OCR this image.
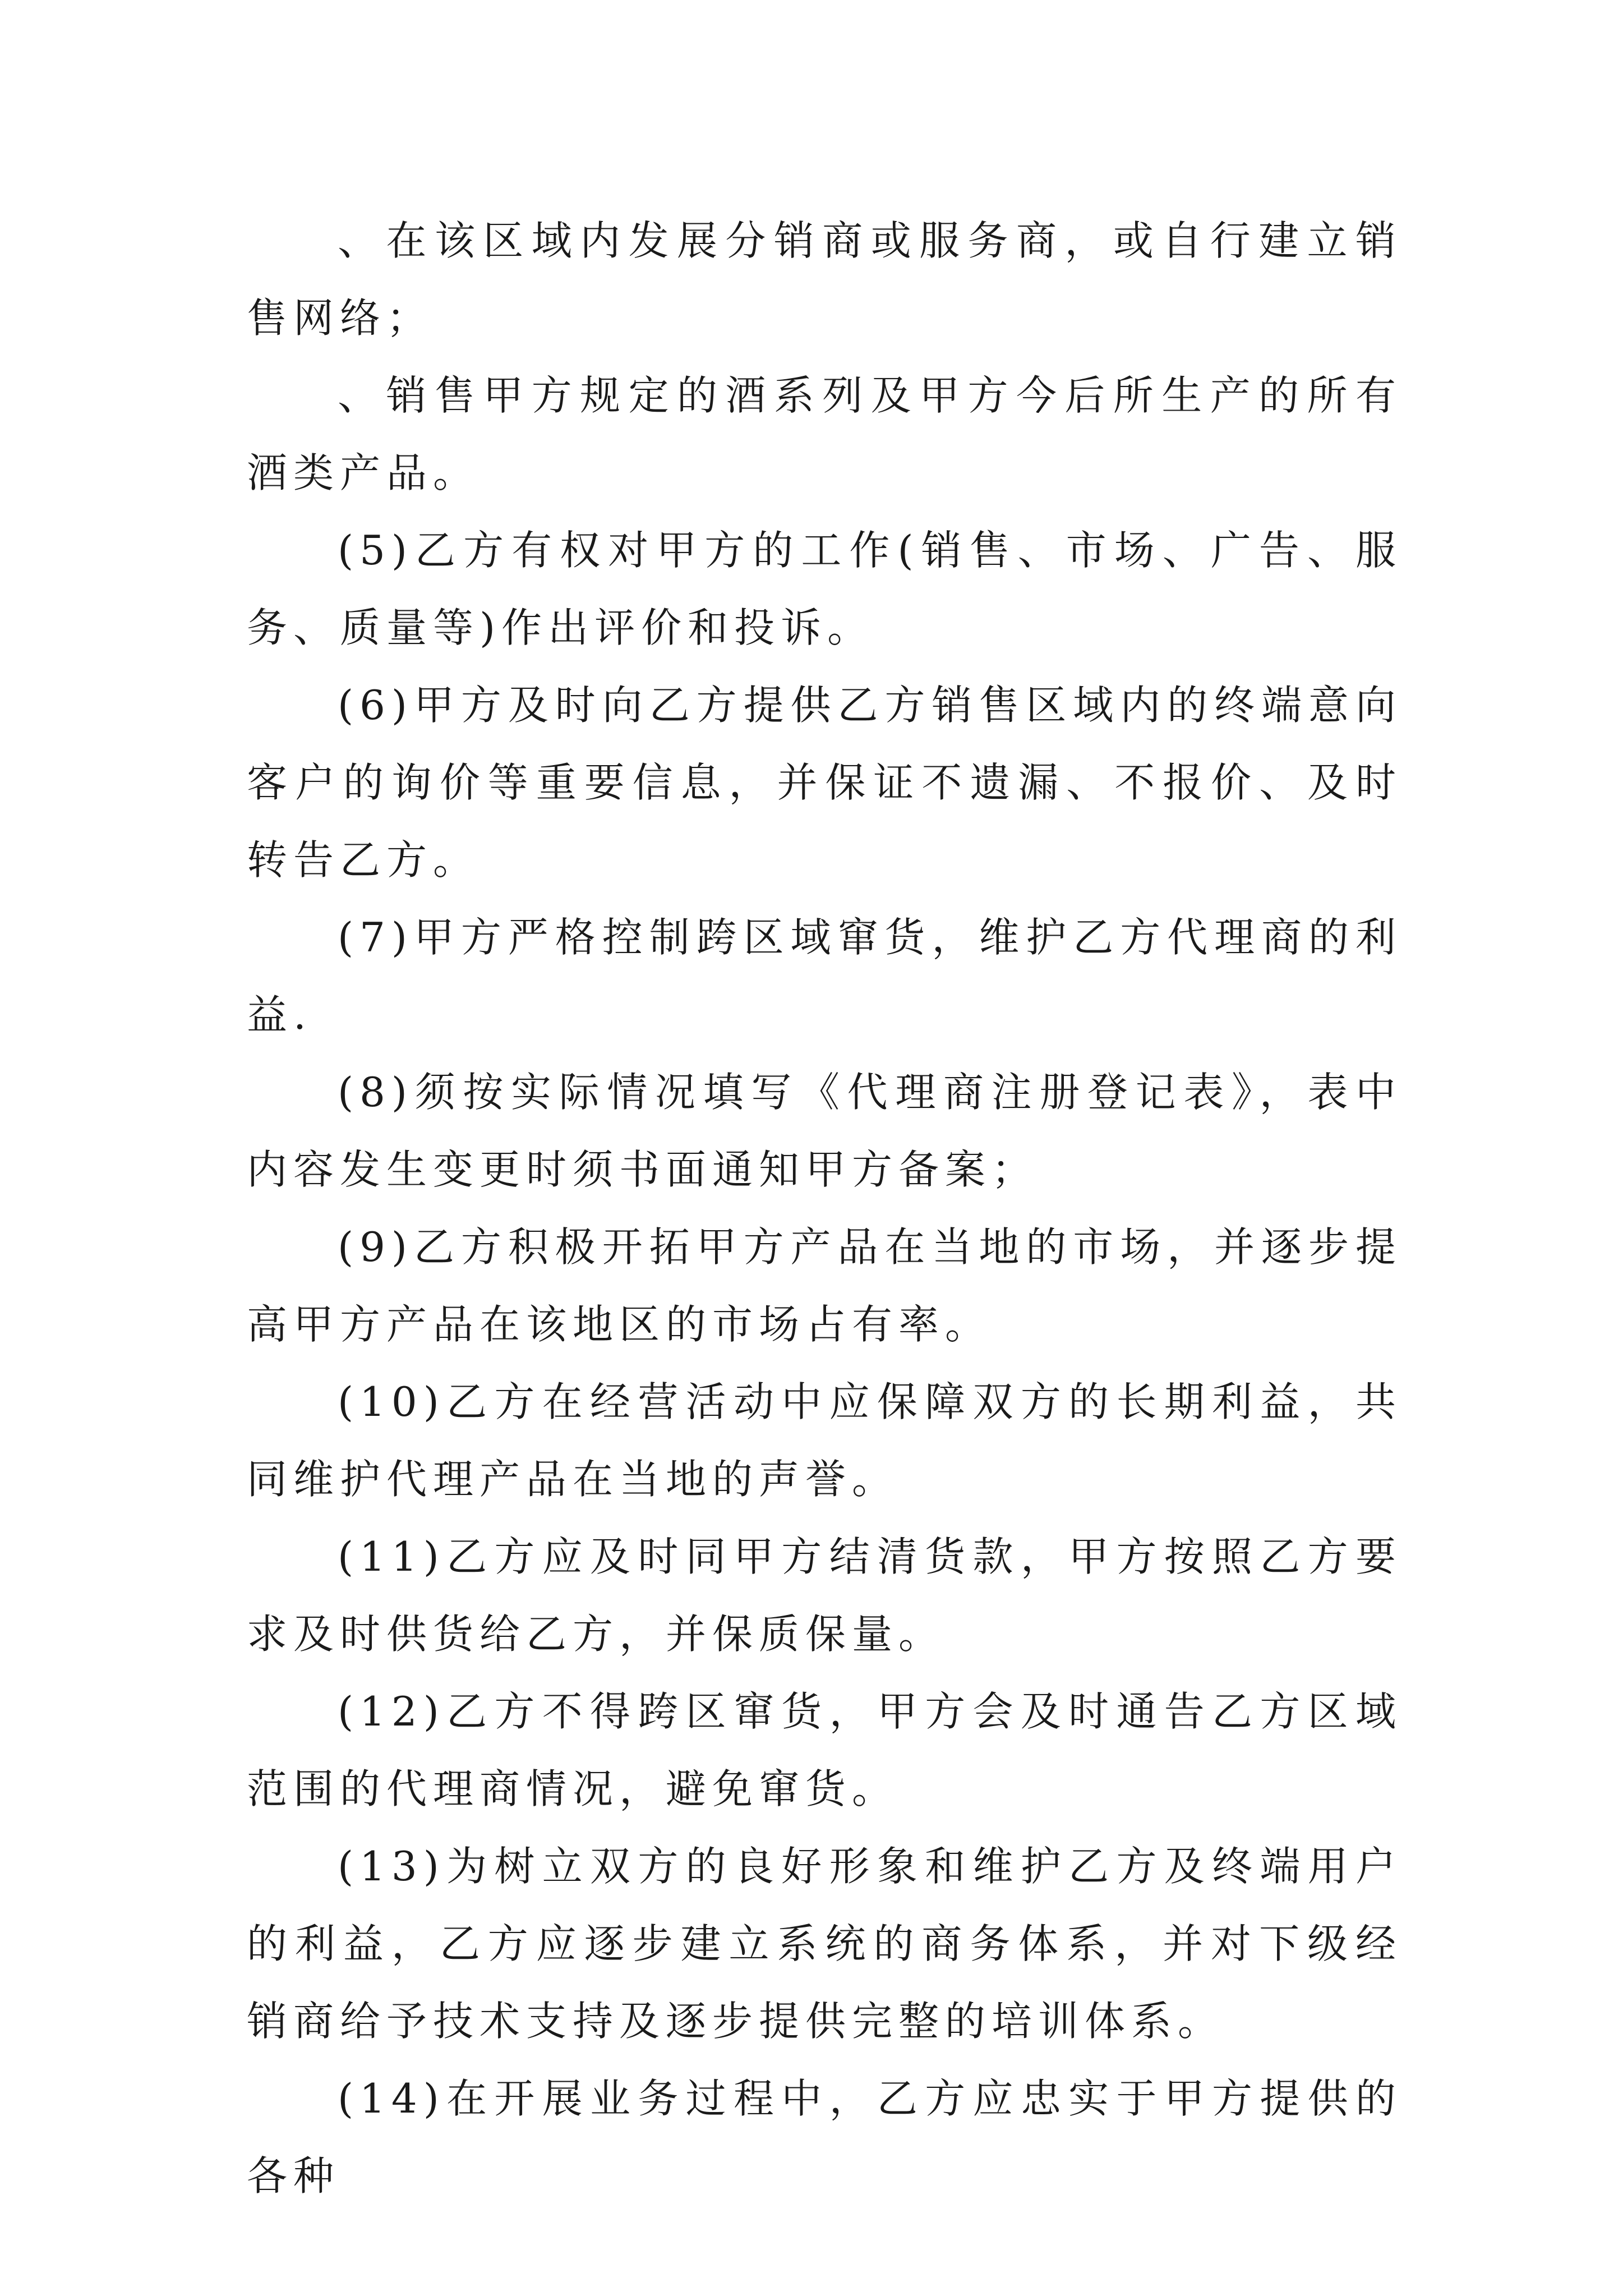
、在该区域内发展分销商或服务商，或自行建立销售网络；

、销售甲方规定的酒系列及甲方今后所生产的所有酒类产品。

(5)乙方有权对甲方的工作(销售、市场、广告、服务、质量等)作出评价和投诉。

(6)甲方及时向乙方提供乙方销售区域内的终端意向客户的询价等重要信息，并保证不遗漏、不报价、及时转告乙方。

(7)甲方严格控制跨区域窜货，维护乙方代理商的利益.

(8)须按实际情况填写《代理商注册登记表》，表中内容发生变更时须书面通知甲方备案；

(9)乙方积极开拓甲方产品在当地的市场，并逐步提高甲方产品在该地区的市场占有率。

(10)乙方在经营活动中应保障双方的长期利益，共同维护代理产品在当地的声誉。

(11)乙方应及时同甲方结清货款，甲方按照乙方要求及时供货给乙方，并保质保量。

(12)乙方不得跨区窜货，甲方会及时通告乙方区域范围的代理商情况，避免窜货。

(13)为树立双方的良好形象和维护乙方及终端用户的利益，乙方应逐步建立系统的商务体系，并对下级经销商给予技术支持及逐步提供完整的培训体系。

(14)在开展业务过程中，乙方应忠实于甲方提供的各种
